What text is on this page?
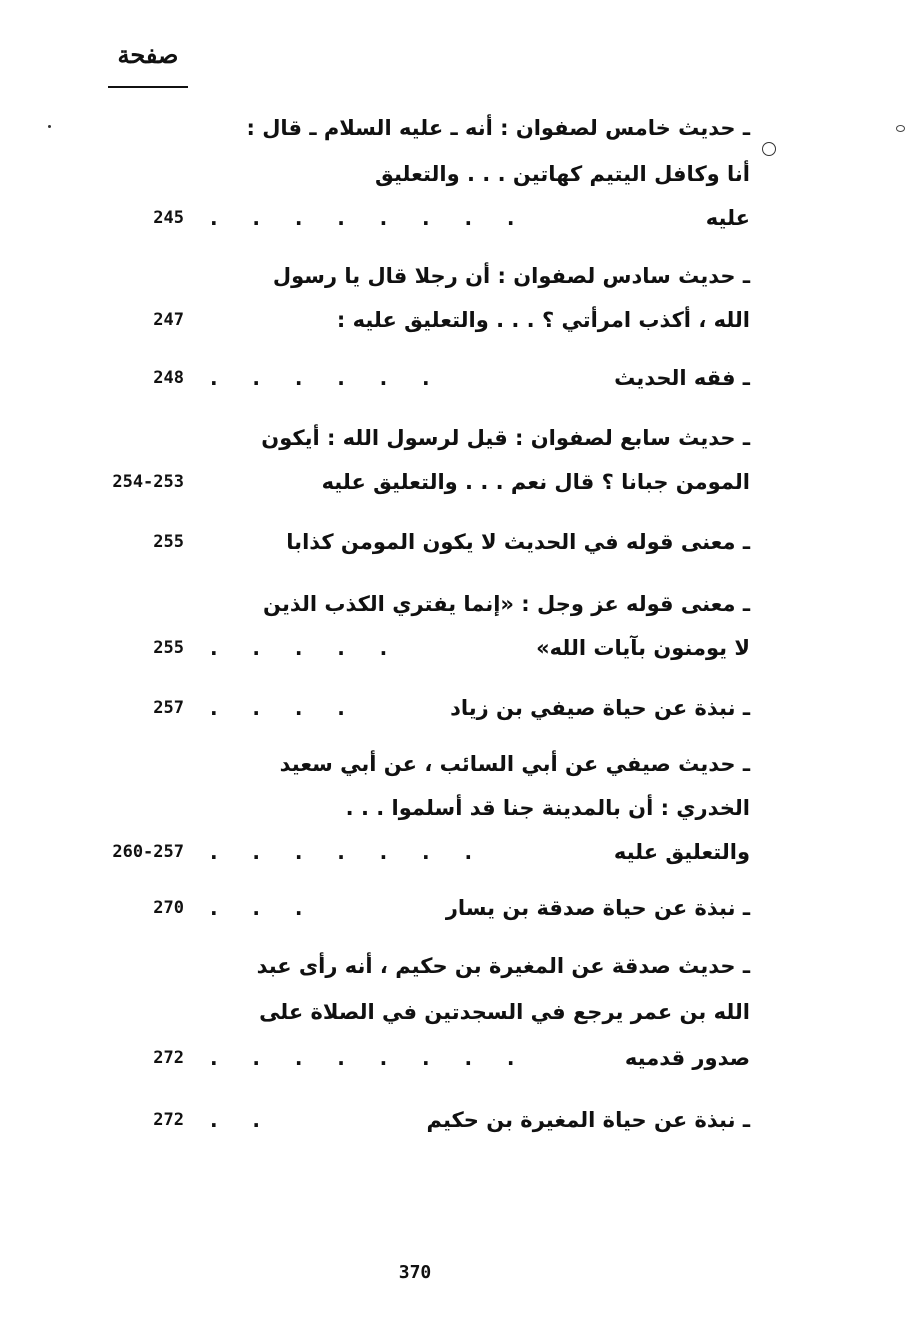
صفحة
ـ حديث خامس لصفوان : أنه ـ عليه السلام ـ قال :
أنا وكافل اليتيم كهاتين . . . والتعليق
عليه
.     .     .     .     .     .     .     .
245
ـ حديث سادس لصفوان : أن رجلا قال يا رسول
الله ، أكذب امرأتي ؟ . . . والتعليق عليه :
247
ـ فقه الحديث
.     .     .     .     .     .
248
ـ حديث سابع لصفوان : قيل لرسول الله : أيكون
المومن جبانا ؟ قال نعم . . . والتعليق عليه
254-253
ـ معنى قوله في الحديث لا يكون المومن كذابا
255
ـ معنى قوله عز وجل : «إنما يفتري الكذب الذين
لا يومنون بآيات الله»
.     .     .     .     .
255
ـ نبذة عن حياة صيفي بن زياد
.     .     .     .
257
ـ حديث صيفي عن أبي السائب ، عن أبي سعيد
الخدري : أن بالمدينة جنا قد أسلموا . . .
والتعليق عليه
.     .     .     .     .     .     .
260-257
ـ نبذة عن حياة صدقة بن يسار
.     .     .
270
ـ حديث صدقة عن المغيرة بن حكيم ، أنه رأى عبد
الله بن عمر يرجع في السجدتين في الصلاة على
صدور قدميه
.     .     .     .     .     .     .     .
272
ـ نبذة عن حياة المغيرة بن حكيم
.     .
272
370
